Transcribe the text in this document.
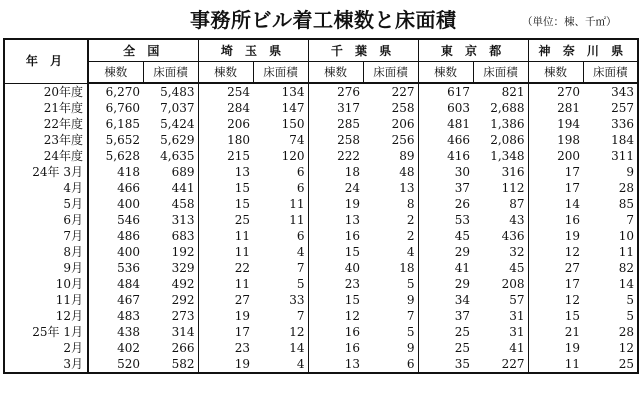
事務所ビル着工棟数と床面積	（単位：棟、千㎡）
年 月	全 国		埼 玉 県		千 葉 県		東 京 都		神 奈 川 県	
	棟数	床面積	棟数	床面積	棟数	床面積	棟数	床面積	棟数	床面積
20年度	6,270	5,483	254	134	276	227	617	821	270	343
21年度	6,760	7,037	284	147	317	258	603	2,688	281	257
22年度	6,185	5,424	206	150	285	206	481	1,386	194	336
23年度	5,652	5,629	180	74	258	256	466	2,086	198	184
24年度	5,628	4,635	215	120	222	89	416	1,348	200	311
24年 3月	418	689	13	6	18	48	30	316	17	9
4月	466	441	15	6	24	13	37	112	17	28
5月	400	458	15	11	19	8	26	87	14	85
6月	546	313	25	11	13	2	53	43	16	7
7月	486	683	11	6	16	2	45	436	19	10
8月	400	192	11	4	15	4	29	32	12	11
9月	536	329	22	7	40	18	41	45	27	82
10月	484	492	11	5	23	5	29	208	17	14
11月	467	292	27	33	15	9	34	57	12	5
12月	483	273	19	7	12	7	37	31	15	5
25年 1月	438	314	17	12	16	5	25	31	21	28
2月	402	266	23	14	16	9	25	41	19	12
3月	520	582	19	4	13	6	35	227	11	25
